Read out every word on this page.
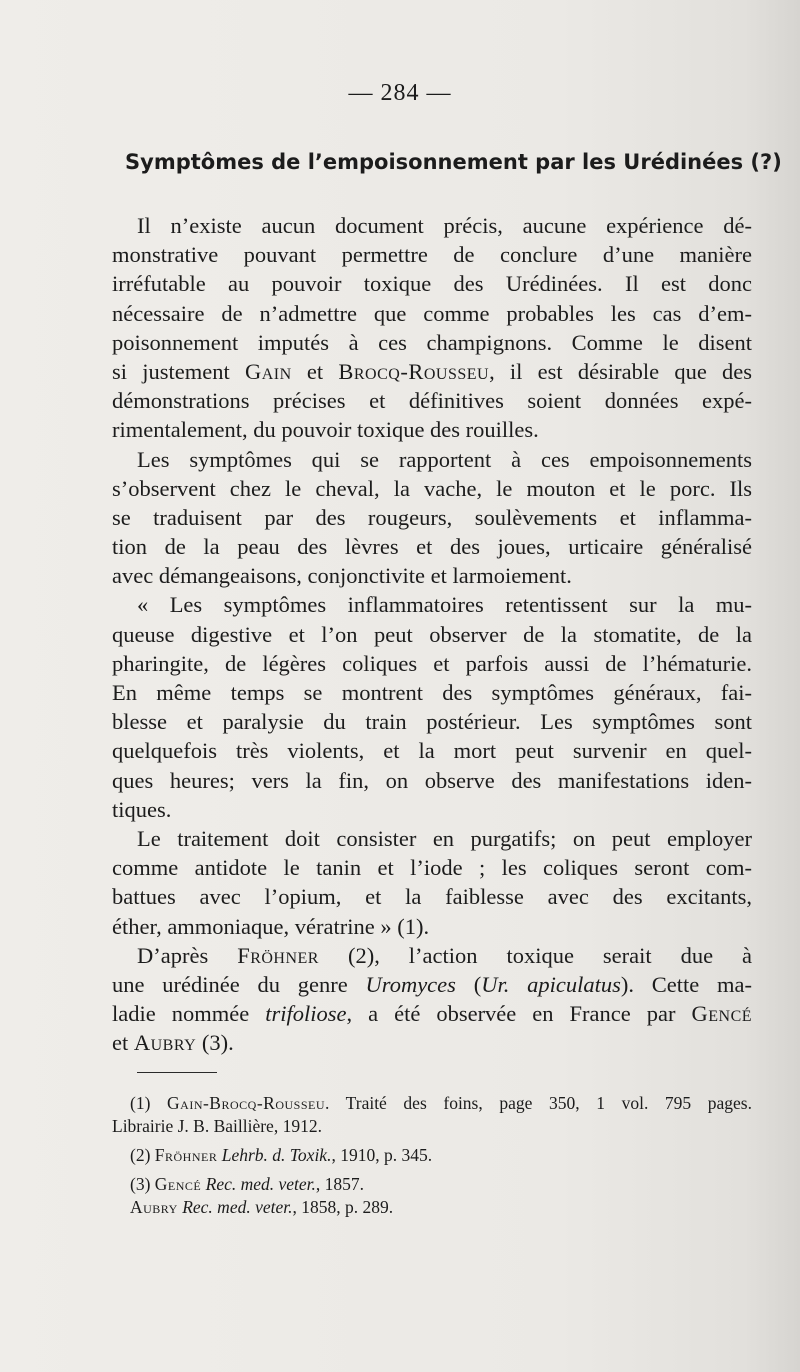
— 284 —
Symptômes de l’empoisonnement par les Urédinées (?)
Il n’existe aucun document précis, aucune expérience dé-
monstrative pouvant permettre de conclure d’une manière
irréfutable au pouvoir toxique des Urédinées. Il est donc
nécessaire de n’admettre que comme probables les cas d’em-
poisonnement imputés à ces champignons. Comme le disent
si justement Gain et Brocq-Rousseu, il est désirable que des
démonstrations précises et définitives soient données expé-
rimentalement, du pouvoir toxique des rouilles.
Les symptômes qui se rapportent à ces empoisonnements
s’observent chez le cheval, la vache, le mouton et le porc. Ils
se traduisent par des rougeurs, soulèvements et inflamma-
tion de la peau des lèvres et des joues, urticaire généralisé
avec démangeaisons, conjonctivite et larmoiement.
« Les symptômes inflammatoires retentissent sur la mu-
queuse digestive et l’on peut observer de la stomatite, de la
pharingite, de légères coliques et parfois aussi de l’hématurie.
En même temps se montrent des symptômes généraux, fai-
blesse et paralysie du train postérieur. Les symptômes sont
quelquefois très violents, et la mort peut survenir en quel-
ques heures; vers la fin, on observe des manifestations iden-
tiques.
Le traitement doit consister en purgatifs; on peut employer
comme antidote le tanin et l’iode ; les coliques seront com-
battues avec l’opium, et la faiblesse avec des excitants,
éther, ammoniaque, vératrine » (1).
D’après Fröhner (2), l’action toxique serait due à
une urédinée du genre Uromyces (Ur. apiculatus). Cette ma-
ladie nommée trifoliose, a été observée en France par Gencé
et Aubry (3).
(1) Gain-Brocq-Rousseu. Traité des foins, page 350, 1 vol. 795 pages.
Librairie J. B. Baillière, 1912.
(2) Fröhner Lehrb. d. Toxik., 1910, p. 345.
(3) Gencé Rec. med. veter., 1857.
Aubry Rec. med. veter., 1858, p. 289.
